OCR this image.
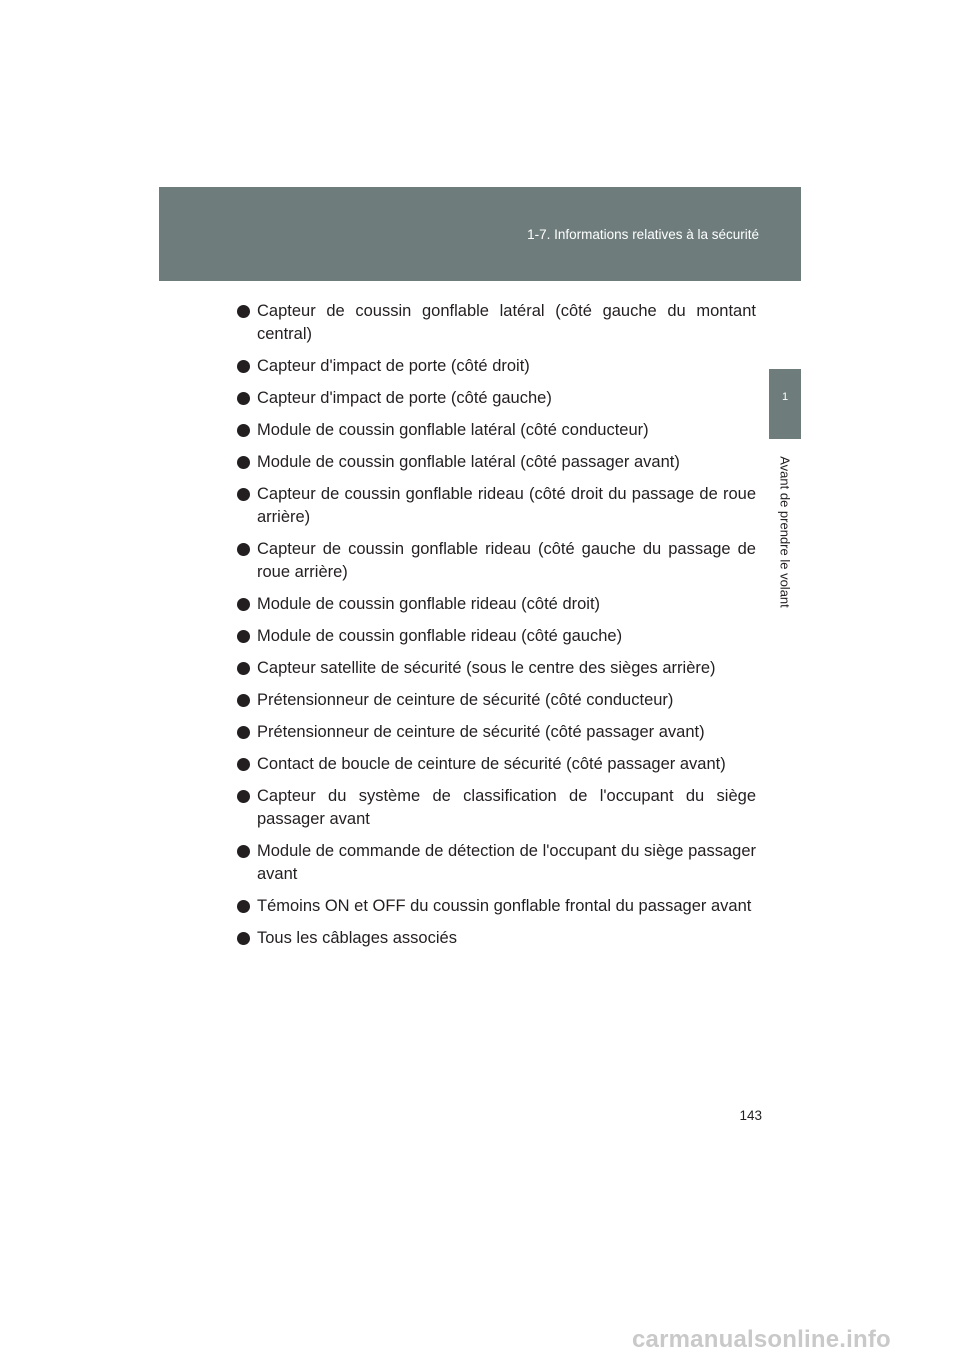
1-7. Informations relatives à la sécurité
1
Avant de prendre le volant
Capteur de coussin gonflable latéral (côté gauche du montant central)
Capteur d'impact de porte (côté droit)
Capteur d'impact de porte (côté gauche)
Module de coussin gonflable latéral (côté conducteur)
Module de coussin gonflable latéral (côté passager avant)
Capteur de coussin gonflable rideau (côté droit du passage de roue arrière)
Capteur de coussin gonflable rideau (côté gauche du passage de roue arrière)
Module de coussin gonflable rideau (côté droit)
Module de coussin gonflable rideau (côté gauche)
Capteur satellite de sécurité (sous le centre des sièges arrière)
Prétensionneur de ceinture de sécurité (côté conducteur)
Prétensionneur de ceinture de sécurité (côté passager avant)
Contact de boucle de ceinture de sécurité (côté passager avant)
Capteur du système de classification de l'occupant du siège passager avant
Module de commande de détection de l'occupant du siège passager avant
Témoins ON et OFF du coussin gonflable frontal du passager avant
Tous les câblages associés
143
carmanualsonline.info
